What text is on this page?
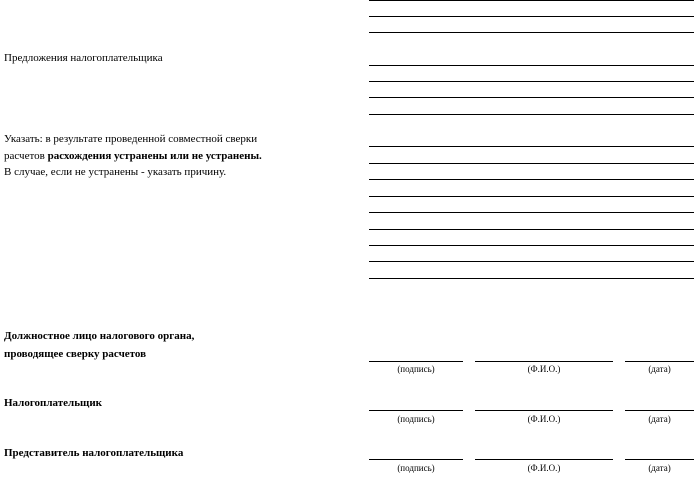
Предложения налогоплательщика
Указать: в результате проведенной совместной сверки
расчетов расхождения устранены или не устранены.
В случае, если не устранены - указать причину.
Должностное лицо налогового органа,
проводящее сверку расчетов
(подпись)	(Ф.И.О.)	(дата)
Налогоплательщик
(подпись)	(Ф.И.О.)	(дата)
Представитель налогоплательщика
(подпись)	(Ф.И.О.)	(дата)
